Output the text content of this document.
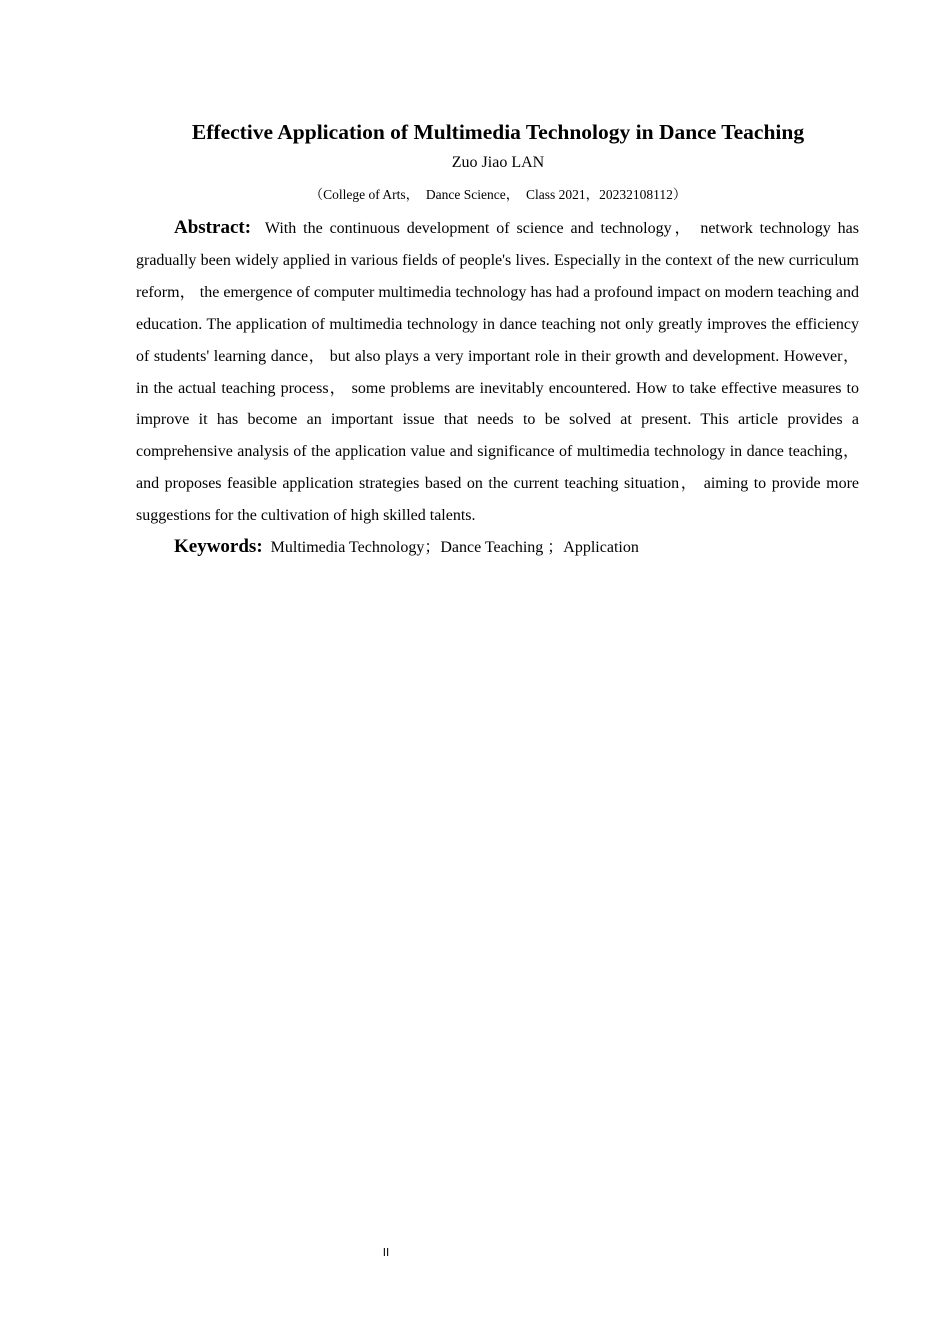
Effective Application of Multimedia Technology in Dance Teaching
Zuo Jiao LAN
（College of Arts，  Dance Science，  Class 2021，20232108112）

Abstract: With the continuous development of science and technology， network technology has gradually been widely applied in various fields of people's lives. Especially in the context of the new curriculum reform， the emergence of computer multimedia technology has had a profound impact on modern teaching and education. The application of multimedia technology in dance teaching not only greatly improves the efficiency of students' learning dance， but also plays a very important role in their growth and development. However， in the actual teaching process， some problems are inevitably encountered. How to take effective measures to improve it has become an important issue that needs to be solved at present. This article provides a comprehensive analysis of the application value and significance of multimedia technology in dance teaching， and proposes feasible application strategies based on the current teaching situation， aiming to provide more suggestions for the cultivation of high skilled talents.

Keywords: Multimedia Technology；Dance Teaching ；Application

II
